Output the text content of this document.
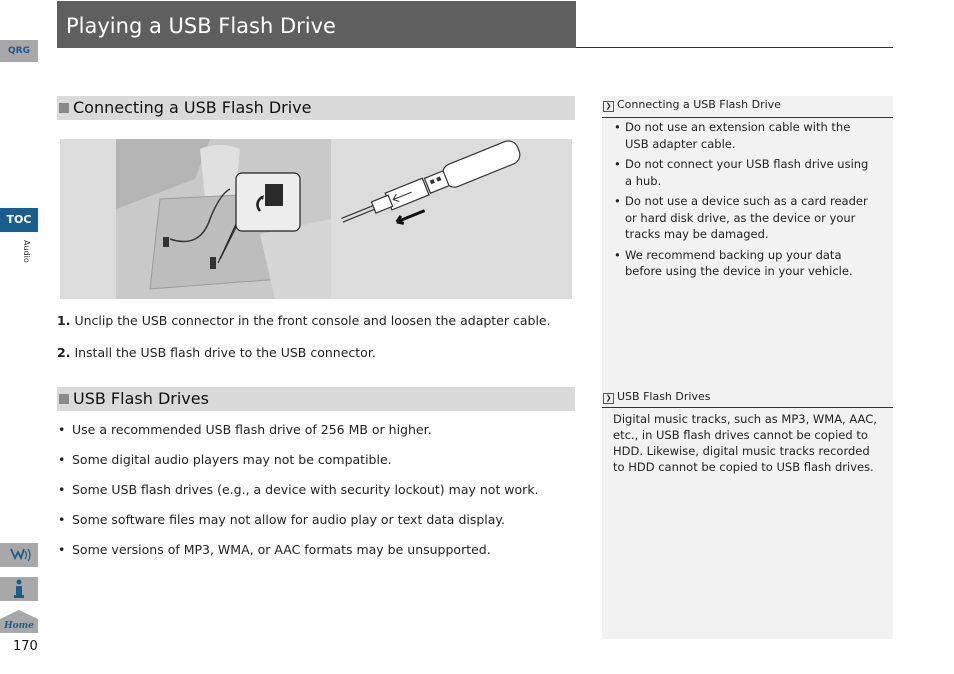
QRG
TOC
Audio
Home
170
Playing a USB Flash Drive
Connecting a USB Flash Drive
1. Unclip the USB connector in the front console and loosen the adapter cable.
2. Install the USB flash drive to the USB connector.
USB Flash Drives
• Use a recommended USB flash drive of 256 MB or higher.
• Some digital audio players may not be compatible.
• Some USB flash drives (e.g., a device with security lockout) may not work.
• Some software files may not allow for audio play or text data display.
• Some versions of MP3, WMA, or AAC formats may be unsupported.
❯ Connecting a USB Flash Drive
• Do not use an extension cable with the USB adapter cable.
• Do not connect your USB flash drive using a hub.
• Do not use a device such as a card reader or hard disk drive, as the device or your tracks may be damaged.
• We recommend backing up your data before using the device in your vehicle.
❯ USB Flash Drives
Digital music tracks, such as MP3, WMA, AAC, etc., in USB flash drives cannot be copied to HDD. Likewise, digital music tracks recorded to HDD cannot be copied to USB flash drives.
